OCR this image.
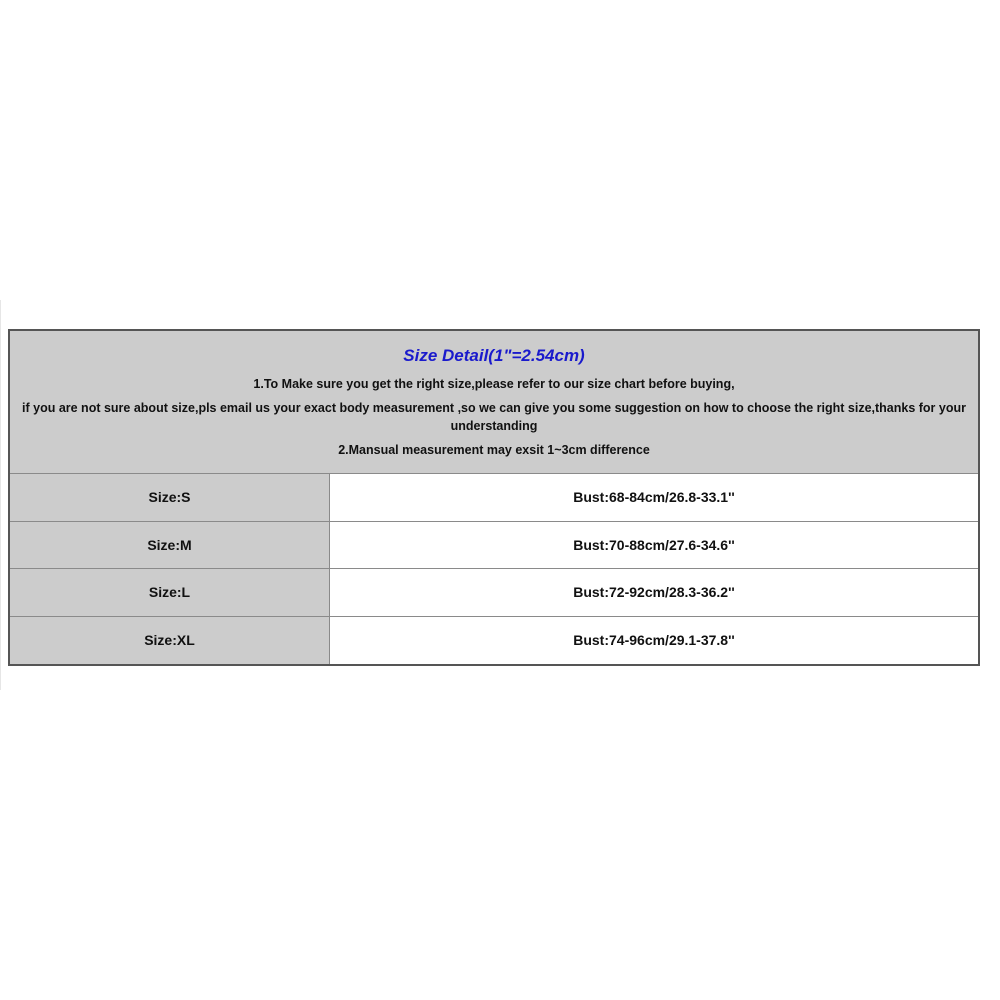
Size Detail(1"=2.54cm)
1.To Make sure you get the right size,please refer to our size chart before buying,
if you are not sure about size,pls email us your exact body measurement ,so we can give you some suggestion on how to choose the right size,thanks for your understanding
2.Mansual measurement may exsit 1~3cm difference
Size:S	Bust:68-84cm/26.8-33.1''
Size:M	Bust:70-88cm/27.6-34.6''
Size:L	Bust:72-92cm/28.3-36.2''
Size:XL	Bust:74-96cm/29.1-37.8''
